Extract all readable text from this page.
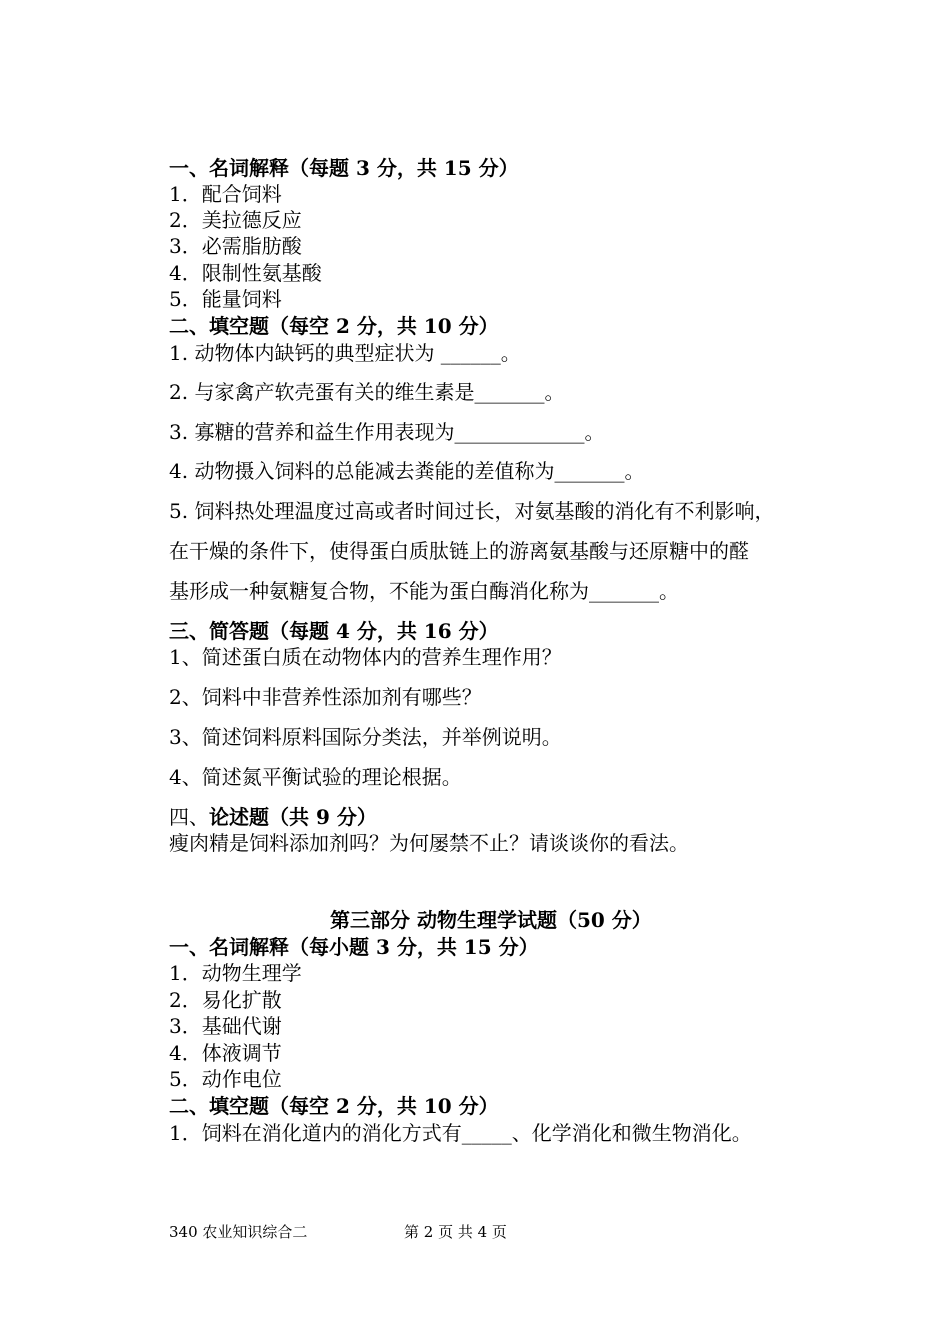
一、名词解释（每题 3 分，共 15 分）
1．配合饲料
2．美拉德反应
3．必需脂肪酸
4．限制性氨基酸
5．能量饲料
二、填空题（每空 2 分，共 10 分）
1. 动物体内缺钙的典型症状为 ______。
2. 与家禽产软壳蛋有关的维生素是_______。
3. 寡糖的营养和益生作用表现为_____________。
4. 动物摄入饲料的总能减去粪能的差值称为_______。
5. 饲料热处理温度过高或者时间过长，对氨基酸的消化有不利影响，
在干燥的条件下，使得蛋白质肽链上的游离氨基酸与还原糖中的醛
基形成一种氨糖复合物，不能为蛋白酶消化称为_______。
三、简答题（每题 4 分，共 16 分）
1、简述蛋白质在动物体内的营养生理作用？
2、饲料中非营养性添加剂有哪些？
3、简述饲料原料国际分类法，并举例说明。
4、简述氮平衡试验的理论根据。
四、论述题（共 9 分）
瘦肉精是饲料添加剂吗？为何屡禁不止？请谈谈你的看法。
第三部分 动物生理学试题（50 分）
一、名词解释（每小题 3 分，共 15 分）
1．动物生理学
2．易化扩散
3．基础代谢
4．体液调节
5．动作电位
二、填空题（每空 2 分，共 10 分）
1．饲料在消化道内的消化方式有_____、化学消化和微生物消化。
340 农业知识综合二	第 2 页 共 4 页
